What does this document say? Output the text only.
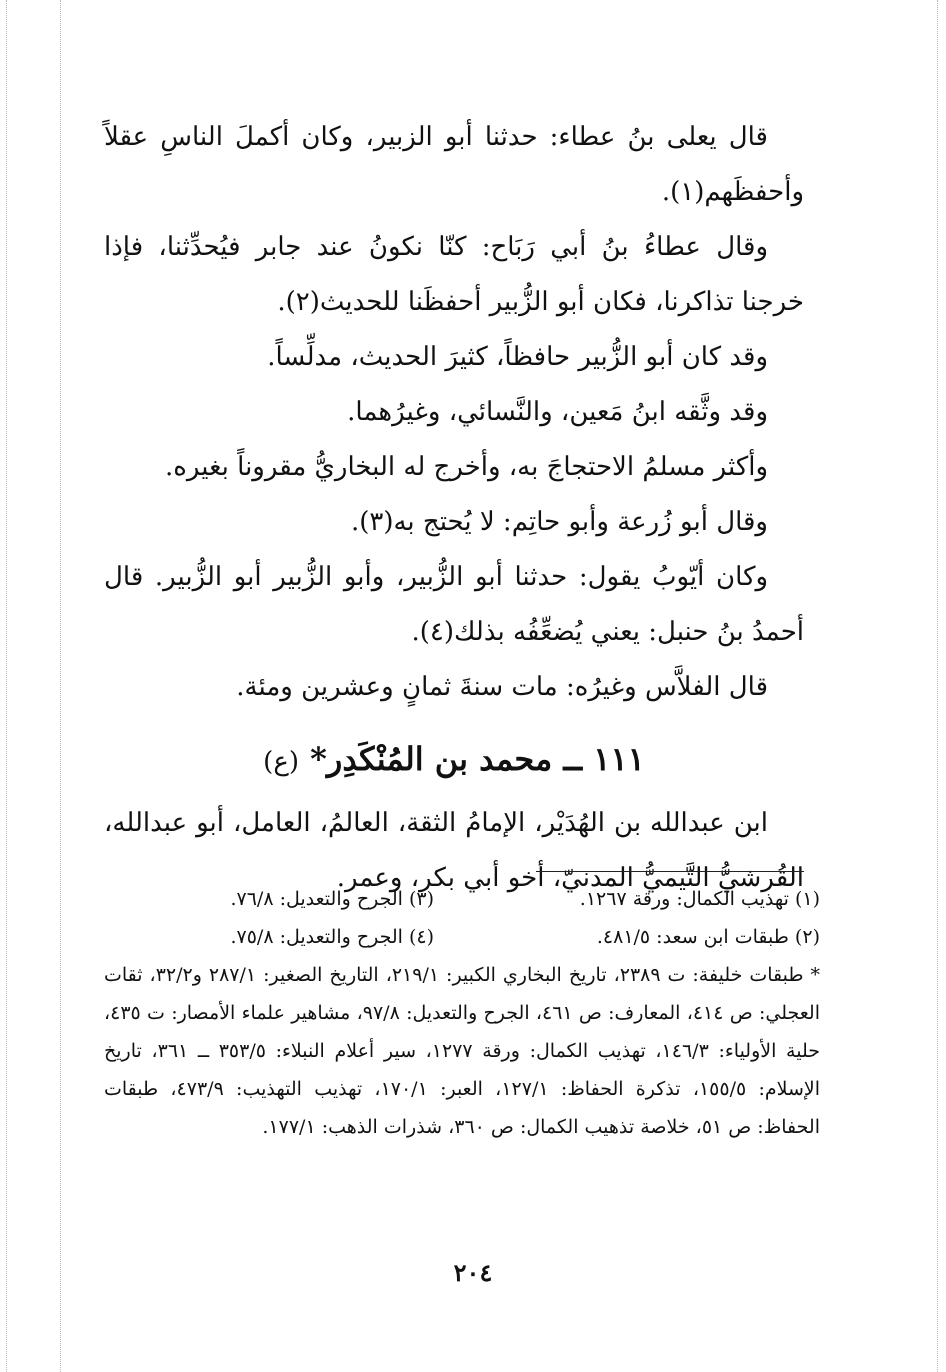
قال يعلى بنُ عطاء: حدثنا أبو الزبير، وكان أكملَ الناسِ عقلاً وأحفظَهم(١).

وقال عطاءُ بنُ أبي رَبَاح: كنّا نكونُ عند جابر فيُحدِّثنا، فإذا خرجنا تذاكرنا، فكان أبو الزُّبير أحفظَنا للحديث(٢).

وقد كان أبو الزُّبير حافظاً، كثيرَ الحديث، مدلِّساً.

وقد وثَّقه ابنُ مَعين، والنَّسائي، وغيرُهما.

وأكثر مسلمُ الاحتجاجَ به، وأخرج له البخاريُّ مقروناً بغيره.

وقال أبو زُرعة وأبو حاتِم: لا يُحتج به(٣).

وكان أيّوبُ يقول: حدثنا أبو الزُّبير، وأبو الزُّبير أبو الزُّبير. قال أحمدُ بنُ حنبل: يعني يُضعِّفُه بذلك(٤).

قال الفلاَّس وغيرُه: مات سنةَ ثمانٍ وعشرين ومئة.

١١١ ــ محمد بن المُنْكَدِر* (ع)

ابن عبدالله بن الهُدَيْر، الإمامُ الثقة، العالمُ، العامل، أبو عبدالله، القُرشيُّ التَّيميُّ المدنيّ، أخو أبي بكر، وعمر.

(١) تهذيب الكمال: ورقة ١٢٦٧.
(٣) الجرح والتعديل: ٧٦/٨.
(٢) طبقات ابن سعد: ٤٨١/٥.
(٤) الجرح والتعديل: ٧٥/٨.
* طبقات خليفة: ت ٢٣٨٩، تاريخ البخاري الكبير: ٢١٩/١، التاريخ الصغير: ٢٨٧/١ و٣٢/٢، ثقات العجلي: ص ٤١٤، المعارف: ص ٤٦١، الجرح والتعديل: ٩٧/٨، مشاهير علماء الأمصار: ت ٤٣٥، حلية الأولياء: ١٤٦/٣، تهذيب الكمال: ورقة ١٢٧٧، سير أعلام النبلاء: ٣٥٣/٥ ــ ٣٦١، تاريخ الإسلام: ١٥٥/٥، تذكرة الحفاظ: ١٢٧/١، العبر: ١٧٠/١، تهذيب التهذيب: ٤٧٣/٩، طبقات الحفاظ: ص ٥١، خلاصة تذهيب الكمال: ص ٣٦٠، شذرات الذهب: ١٧٧/١.
٢٠٤
